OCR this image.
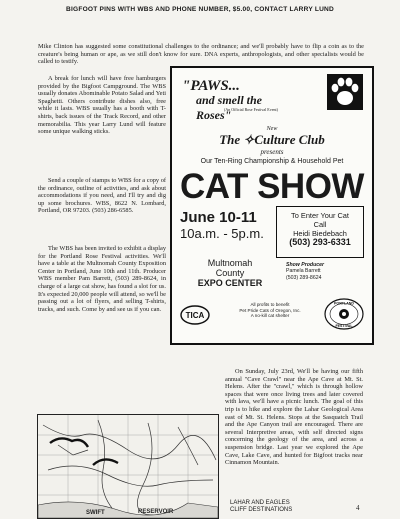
BIGFOOT PINS WITH WBS AND PHONE NUMBER, $5.00, CONTACT LARRY LUND

Mike Clinton has suggested some constitutional challenges to the ordinance; and we'll probably have to flip a coin as to the creature's being human or ape, as we still don't know for sure. DNA experts, anthropologists, and other specialists would be called to testify.

A break for lunch will have free hamburgers provided by the Bigfoot Campground. The WBS usually donates Abominable Potato Salad and Yeti Spaghetti. Others contribute dishes also, free while it lasts. WBS usually has a booth with T-shirts, back issues of the Track Record, and other memorabilia. This year Larry Lund will feature some unique walking sticks.

Send a couple of stamps to WBS for a copy of the ordinance, outline of activities, and ask about accommodations if you need, and I'll try and dig up some brochures. WBS, 8622 N. Lombard, Portland, OR 97203. (503) 286-6585.

The WBS has been invited to exhibit a display for the Portland Rose Festival activities. We'll have a table at the Multnomah County Exposition Center in Portland, June 10th and 11th. Producer WBS member Pam Barrett, (503) 289-8624, in charge of a large cat show, has found a slot for us. It's expected 20,000 people will attend, so we'll be passing out a lot of flyers, and selling T-shirts, tracks, and such. Come by and see us if you can.

"PAWS...
and smell the Roses"
(An Official Rose Festival Event)
New
The ✧Culture Club
presents
Our Ten-Ring Championship & Household Pet
CAT SHOW
June 10-11
10a.m. - 5p.m.
To Enter Your Cat
Call
Heidi Biedebach
(503) 293-6331
Multnomah
County
EXPO CENTER
Show Producer
Pamela Barrett
(503) 289-8624
TICA
All profits to benefit
Pet Pride Cats of Oregon, Inc.
A no-kill cat shelter
PORTLAND
FESTIVAL

SWIFT	RESERVOIR

On Sunday, July 23rd, We'll be having our fifth annual "Cave Crawl" near the Ape Cave at Mt. St. Helens. After the "crawl," which is through hollow spaces that were once living trees and later covered with lava, we'll have a picnic lunch. The goal of this trip is to hike and explore the Lahar Geological Area east of Mt. St. Helens. Stops at the Sasquatch Trail and the Ape Canyon trail are encouraged. There are several Interpretive areas, with self directed signs concerning the geology of the area, and across a suspension bridge. Last year we explored the Ape Cave, Lake Cave, and hunted for Bigfoot tracks near Cinnamon Mountain.

LAHAR AND EAGLES
CLIFF DESTINATIONS	4
